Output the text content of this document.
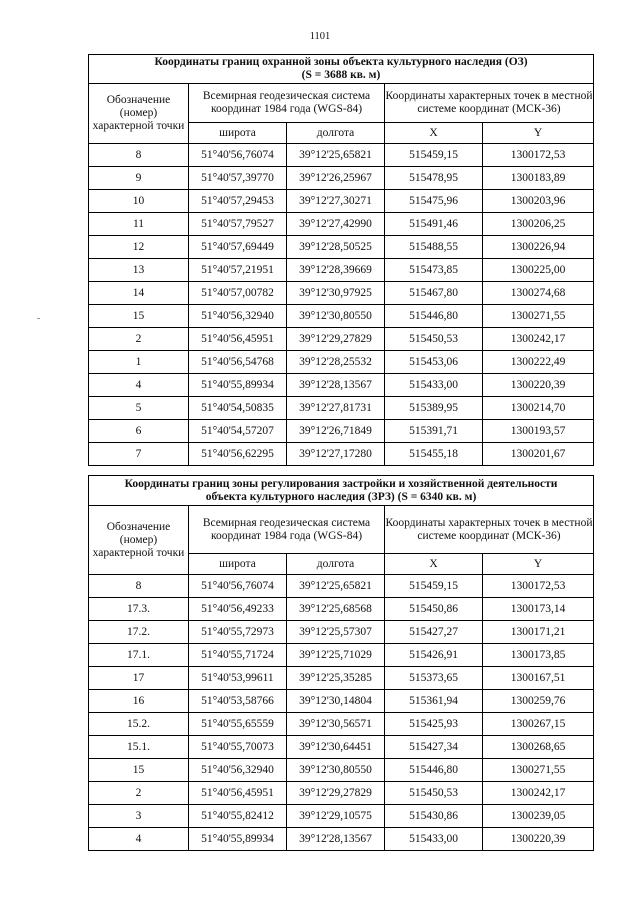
1101
Координаты границ охранной зоны объекта культурного наследия (ОЗ)
(S = 3688 кв. м)				
Обозначение (номер) характерной точки	Всемирная геодезическая система координат 1984 года (WGS-84)		Координаты характерных точек в местной системе координат (МСК-36)	
	широта	долгота	X	Y
8	51°40'56,76074	39°12'25,65821	515459,15	1300172,53
9	51°40'57,39770	39°12'26,25967	515478,95	1300183,89
10	51°40'57,29453	39°12'27,30271	515475,96	1300203,96
11	51°40'57,79527	39°12'27,42990	515491,46	1300206,25
12	51°40'57,69449	39°12'28,50525	515488,55	1300226,94
13	51°40'57,21951	39°12'28,39669	515473,85	1300225,00
14	51°40'57,00782	39°12'30,97925	515467,80	1300274,68
15	51°40'56,32940	39°12'30,80550	515446,80	1300271,55
2	51°40'56,45951	39°12'29,27829	515450,53	1300242,17
1	51°40'56,54768	39°12'28,25532	515453,06	1300222,49
4	51°40'55,89934	39°12'28,13567	515433,00	1300220,39
5	51°40'54,50835	39°12'27,81731	515389,95	1300214,70
6	51°40'54,57207	39°12'26,71849	515391,71	1300193,57
7	51°40'56,62295	39°12'27,17280	515455,18	1300201,67
Координаты границ зоны регулирования застройки и хозяйственной деятельности
объекта культурного наследия (ЗРЗ) (S = 6340 кв. м)				
Обозначение (номер) характерной точки	Всемирная геодезическая система координат 1984 года (WGS-84)		Координаты характерных точек в местной системе координат (МСК-36)	
	широта	долгота	X	Y
8	51°40'56,76074	39°12'25,65821	515459,15	1300172,53
17.3.	51°40'56,49233	39°12'25,68568	515450,86	1300173,14
17.2.	51°40'55,72973	39°12'25,57307	515427,27	1300171,21
17.1.	51°40'55,71724	39°12'25,71029	515426,91	1300173,85
17	51°40'53,99611	39°12'25,35285	515373,65	1300167,51
16	51°40'53,58766	39°12'30,14804	515361,94	1300259,76
15.2.	51°40'55,65559	39°12'30,56571	515425,93	1300267,15
15.1.	51°40'55,70073	39°12'30,64451	515427,34	1300268,65
15	51°40'56,32940	39°12'30,80550	515446,80	1300271,55
2	51°40'56,45951	39°12'29,27829	515450,53	1300242,17
3	51°40'55,82412	39°12'29,10575	515430,86	1300239,05
4	51°40'55,89934	39°12'28,13567	515433,00	1300220,39
